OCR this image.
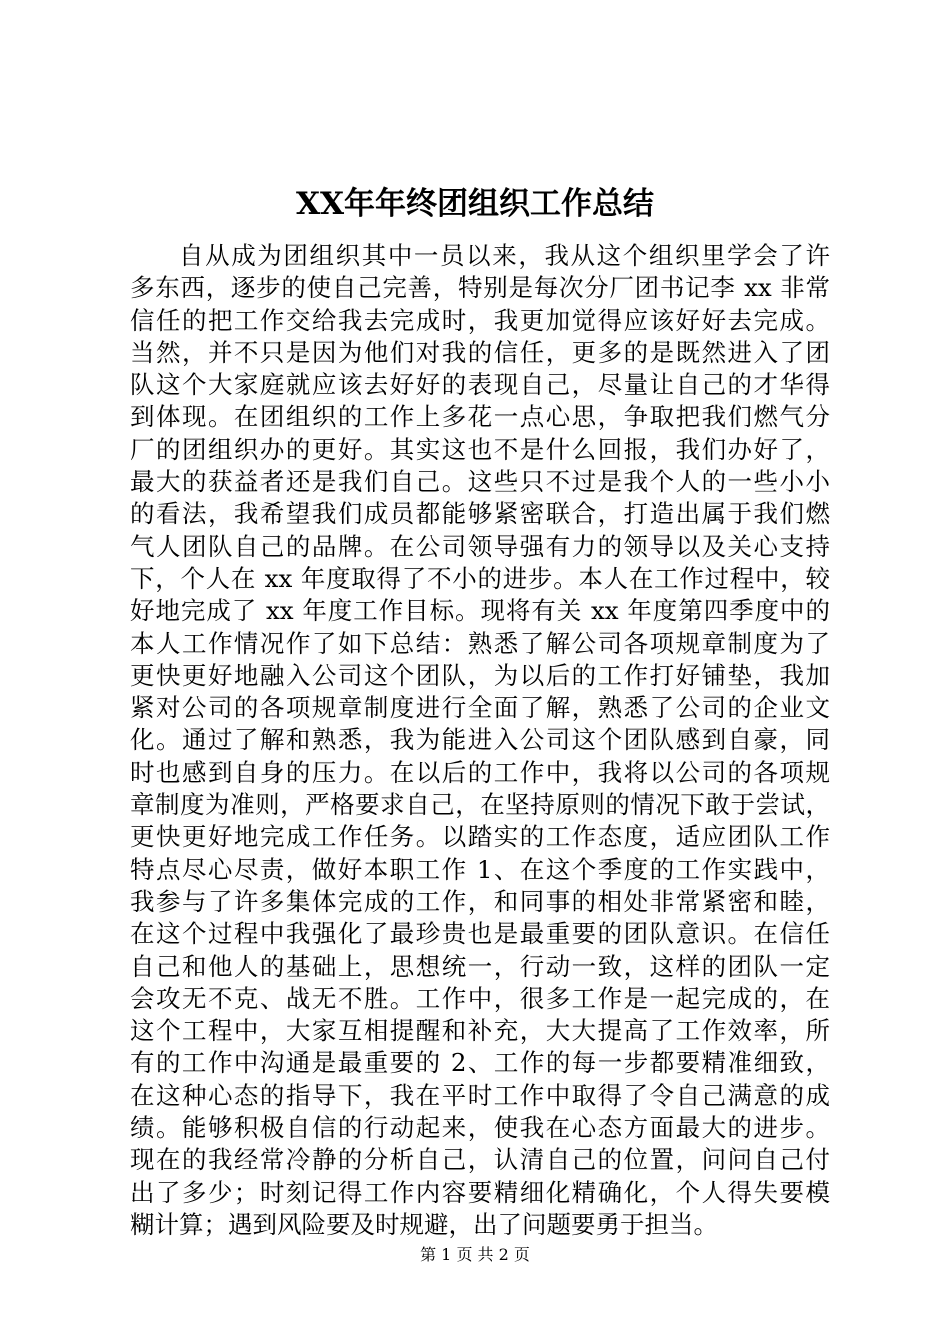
XX年年终团组织工作总结
自从成为团组织其中一员以来，我从这个组织里学会了许
多东西，逐步的使自己完善，特别是每次分厂团书记李 xx 非常
信任的把工作交给我去完成时，我更加觉得应该好好去完成。
当然，并不只是因为他们对我的信任，更多的是既然进入了团
队这个大家庭就应该去好好的表现自己，尽量让自己的才华得
到体现。在团组织的工作上多花一点心思，争取把我们燃气分
厂的团组织办的更好。其实这也不是什么回报，我们办好了，
最大的获益者还是我们自己。这些只不过是我个人的一些小小
的看法，我希望我们成员都能够紧密联合，打造出属于我们燃
气人团队自己的品牌。在公司领导强有力的领导以及关心支持
下，个人在 xx 年度取得了不小的进步。本人在工作过程中，较
好地完成了 xx 年度工作目标。现将有关 xx 年度第四季度中的
本人工作情况作了如下总结：熟悉了解公司各项规章制度为了
更快更好地融入公司这个团队，为以后的工作打好铺垫，我加
紧对公司的各项规章制度进行全面了解，熟悉了公司的企业文
化。通过了解和熟悉，我为能进入公司这个团队感到自豪，同
时也感到自身的压力。在以后的工作中，我将以公司的各项规
章制度为准则，严格要求自己，在坚持原则的情况下敢于尝试，
更快更好地完成工作任务。以踏实的工作态度，适应团队工作
特点尽心尽责，做好本职工作 1、在这个季度的工作实践中，
我参与了许多集体完成的工作，和同事的相处非常紧密和睦，
在这个过程中我强化了最珍贵也是最重要的团队意识。在信任
自己和他人的基础上，思想统一，行动一致，这样的团队一定
会攻无不克、战无不胜。工作中，很多工作是一起完成的，在
这个工程中，大家互相提醒和补充，大大提高了工作效率，所
有的工作中沟通是最重要的 2、工作的每一步都要精准细致，
在这种心态的指导下，我在平时工作中取得了令自己满意的成
绩。能够积极自信的行动起来，使我在心态方面最大的进步。
现在的我经常冷静的分析自己，认清自己的位置，问问自己付
出了多少；时刻记得工作内容要精细化精确化，个人得失要模
糊计算；遇到风险要及时规避，出了问题要勇于担当。
第 1 页 共 2 页
